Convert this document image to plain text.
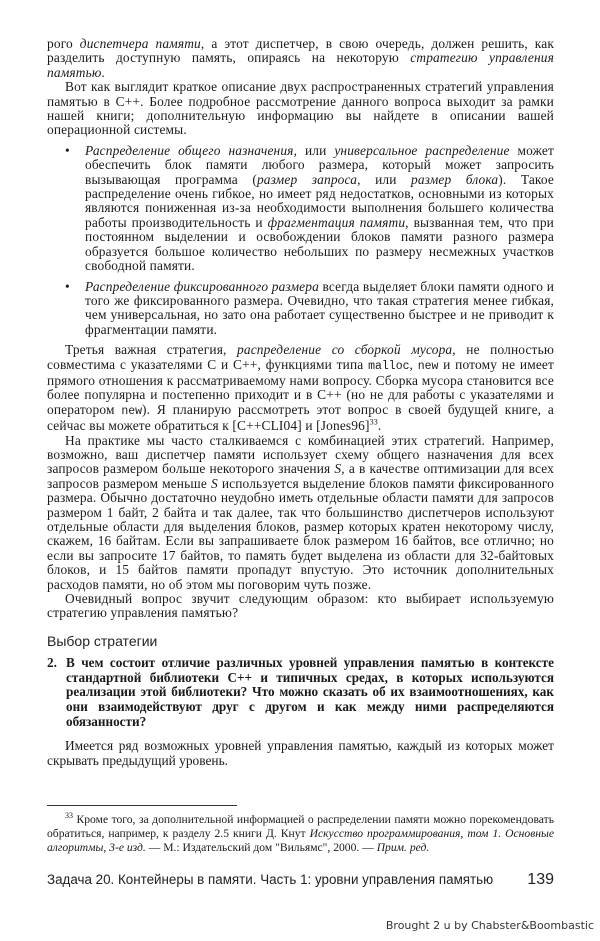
рого диспетчера памяти, а этот диспетчер, в свою очередь, должен решить, как разделить доступную память, опираясь на некоторую стратегию управления памятью.

Вот как выглядит краткое описание двух распространенных стратегий управления памятью в C++. Более подробное рассмотрение данного вопроса выходит за рамки нашей книги; дополнительную информацию вы найдете в описании вашей операционной системы.

• Распределение общего назначения, или универсальное распределение может обеспечить блок памяти любого размера, который может запросить вызывающая программа (размер запроса, или размер блока). Такое распределение очень гибкое, но имеет ряд недостатков, основными из которых являются пониженная из-за необходимости выполнения большего количества работы производительность и фрагментация памяти, вызванная тем, что при постоянном выделении и освобождении блоков памяти разного размера образуется большое количество небольших по размеру несмежных участков свободной памяти.
• Распределение фиксированного размера всегда выделяет блоки памяти одного и того же фиксированного размера. Очевидно, что такая стратегия менее гибкая, чем универсальная, но зато она работает существенно быстрее и не приводит к фрагментации памяти.

Третья важная стратегия, распределение со сборкой мусора, не полностью совместима с указателями C и C++, функциями типа malloc, new и потому не имеет прямого отношения к рассматриваемому нами вопросу. Сборка мусора становится все более популярна и постепенно приходит и в C++ (но не для работы с указателями и оператором new). Я планирую рассмотреть этот вопрос в своей будущей книге, а сейчас вы можете обратиться к [C++CLI04] и [Jones96]$^{33}$.

На практике мы часто сталкиваемся с комбинацией этих стратегий. Например, возможно, ваш диспетчер памяти использует схему общего назначения для всех запросов размером больше некоторого значения S, а в качестве оптимизации для всех запросов размером меньше S используется выделение блоков памяти фиксированного размера. Обычно достаточно неудобно иметь отдельные области памяти для запросов размером 1 байт, 2 байта и так далее, так что большинство диспетчеров используют отдельные области для выделения блоков, размер которых кратен некоторому числу, скажем, 16 байтам. Если вы запрашиваете блок размером 16 байтов, все отлично; но если вы запросите 17 байтов, то память будет выделена из области для 32-байтовых блоков, и 15 байтов памяти пропадут впустую. Это источник дополнительных расходов памяти, но об этом мы поговорим чуть позже.

Очевидный вопрос звучит следующим образом: кто выбирает используемую стратегию управления памятью?

Выбор стратегии
2. В чем состоит отличие различных уровней управления памятью в контексте стандартной библиотеки C++ и типичных средах, в которых используются реализации этой библиотеки? Что можно сказать об их взаимоотношениях, как они взаимодействуют друг с другом и как между ними распределяются обязанности?

Имеется ряд возможных уровней управления памятью, каждый из которых может скрывать предыдущий уровень.

$^{33}$ Кроме того, за дополнительной информацией о распределении памяти можно порекомендовать обратиться, например, к разделу 2.5 книги Д. Кнут Искусство программирования, том 1. Основные алгоритмы, 3-е изд. — М.: Издательский дом "Вильямс", 2000. — Прим. ред.

Задача 20. Контейнеры в памяти. Часть 1: уровни управления памятью 139
Brought 2 u by Chabster&Boombastic
